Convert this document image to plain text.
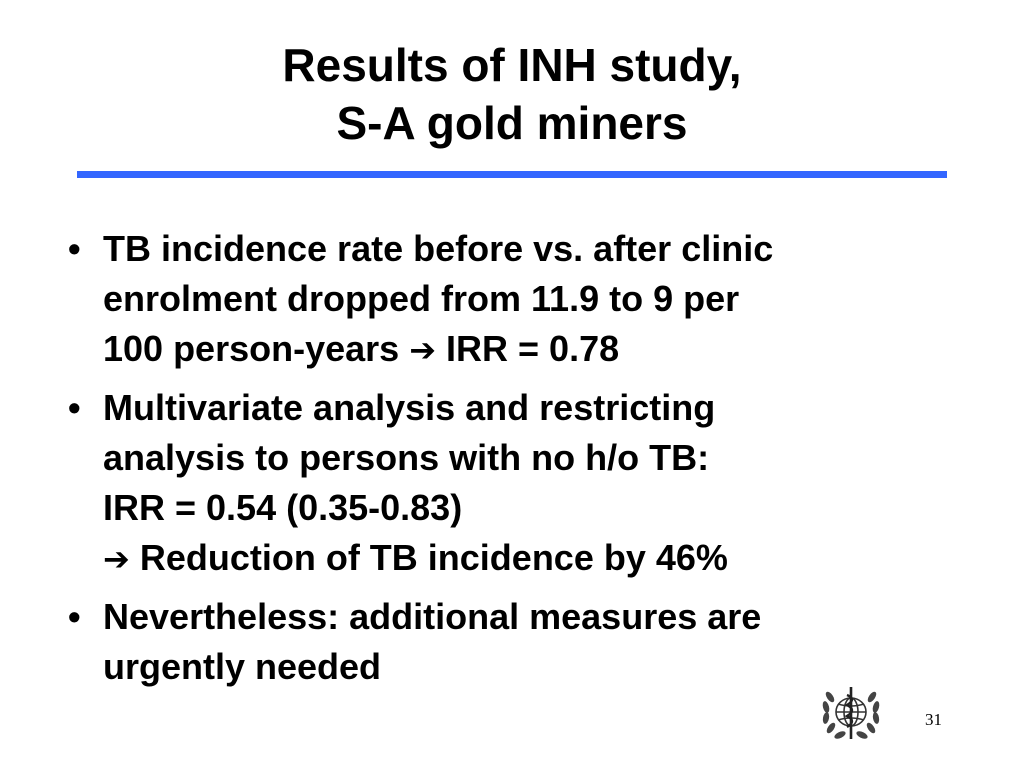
Results of INH study,
S-A gold miners
• TB incidence rate before vs. after clinic
enrolment dropped from 11.9 to 9 per
100 person-years ➔ IRR = 0.78
• Multivariate analysis and restricting
analysis to persons with no h/o TB:
IRR = 0.54 (0.35-0.83)
➔ Reduction of TB incidence by 46%
• Nevertheless: additional measures are
urgently needed
31
